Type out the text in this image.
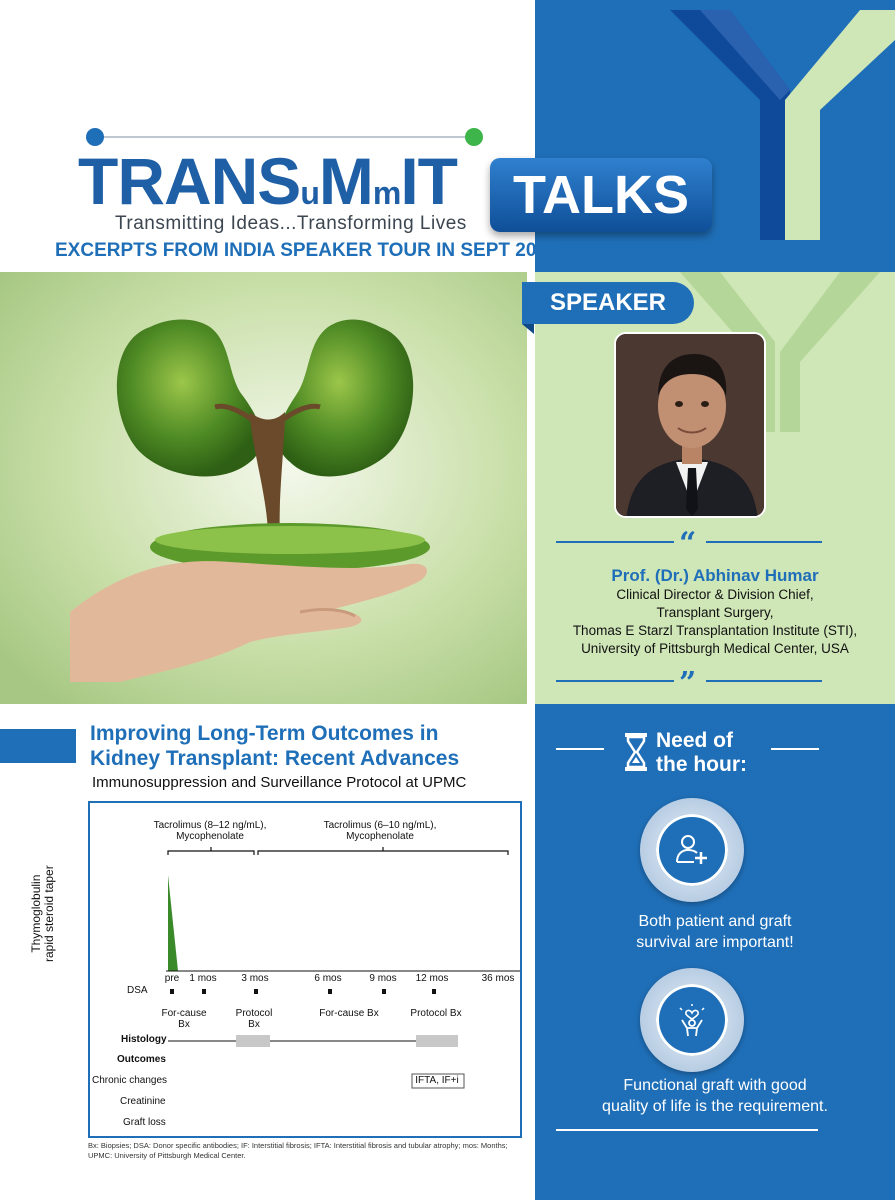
TRANSuMmIT
Transmitting Ideas...Transforming Lives TALKS
EXCERPTS FROM INDIA SPEAKER TOUR IN SEPT 2022
SPEAKER
“
”
Prof. (Dr.) Abhinav Humar
Clinical Director & Division Chief,
Transplant Surgery,
Thomas E Starzl Transplantation Institute (STI),
University of Pittsburgh Medical Center, USA
Improving Long-Term Outcomes in
Kidney Transplant: Recent Advances
Immunosuppression and Surveillance Protocol at UPMC
Tacrolimus (8–12 ng/mL),
Mycophenolate
Tacrolimus (6–10 ng/mL),
Mycophenolate
Thymoglobulin
rapid steroid taper
pre 1 mos 3 mos	6 mos	9 mos 12 mos	36 mos
DSA
For-cause
Bx
Protocol
Bx
For-cause Bx	Protocol Bx
Histology
Outcomes
Chronic changes
Creatinine
Graft loss
IFTA, IF+i
Bx: Biopsies; DSA: Donor specific antibodies; IF: Interstitial fibrosis; IFTA: Interstitial fibrosis and tubular atrophy; mos: Months; UPMC: University of Pittsburgh Medical Center.
Need of
the hour:
Both patient and graft
survival are important!
Functional graft with good
quality of life is the requirement.
